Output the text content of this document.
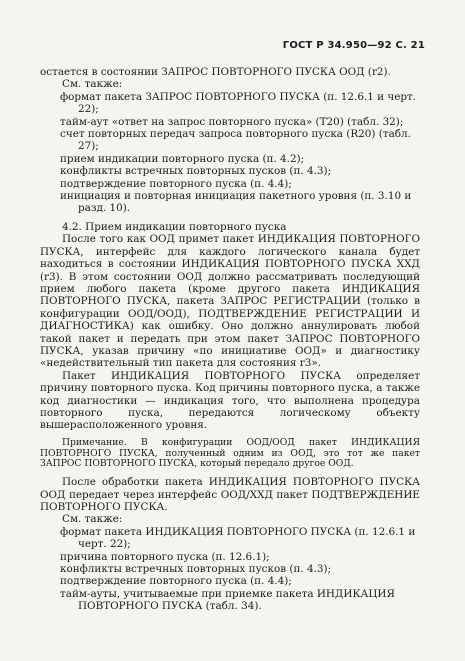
ГОСТ Р 34.950—92 С. 21

остается в состоянии ЗАПРОС ПОВТОРНОГО ПУСКА ООД (r2).

См. также:

формат пакета ЗАПРОС ПОВТОРНОГО ПУСКА (п. 12.6.1 и черт. 22);

тайм-аут «ответ на запрос повторного пуска» (T20) (табл. 32);

счет повторных передач запроса повторного пуска (R20) (табл. 27);

прием индикации повторного пуска (п. 4.2);

конфликты встречных повторных пусков (п. 4.3);

подтверждение повторного пуска (п. 4.4);

инициация и повторная инициация пакетного уровня (п. 3.10 и разд. 10).

4.2. Прием индикации повторного пуска

После того как ООД примет пакет ИНДИКАЦИЯ ПОВТОРНОГО ПУСКА, интерфейс для каждого логического канала будет находиться в состоянии ИНДИКАЦИЯ ПОВТОРНОГО ПУСКА ХХД (r3). В этом состоянии ООД должно рассматривать последующий прием любого пакета (кроме другого пакета ИНДИКАЦИЯ ПОВТОРНОГО ПУСКА, пакета ЗАПРОС РЕГИСТРАЦИИ (только в конфигурации ООД/ООД), ПОДТВЕРЖДЕНИЕ РЕГИСТРАЦИИ И ДИАГНОСТИКА) как ошибку. Оно должно аннулировать любой такой пакет и передать при этом пакет ЗАПРОС ПОВТОРНОГО ПУСКА, указав причину «по инициативе ООД» и диагностику «недействительный тип пакета для состояния r3».

Пакет ИНДИКАЦИЯ ПОВТОРНОГО ПУСКА определяет причину повторного пуска. Код причины повторного пуска, а также код диагностики — индикация того, что выполнена процедура повторного пуска, передаются логическому объекту вышерасположенного уровня.

Примечание. В конфигурации ООД/ООД пакет ИНДИКАЦИЯ ПОВТОРНОГО ПУСКА, полученный одним из ООД, это тот же пакет ЗАПРОС ПОВТОРНОГО ПУСКА, который передало другое ООД.

После обработки пакета ИНДИКАЦИЯ ПОВТОРНОГО ПУСКА ООД передает через интерфейс ООД/ХХД пакет ПОДТВЕРЖДЕНИЕ ПОВТОРНОГО ПУСКА.

См. также:

формат пакета ИНДИКАЦИЯ ПОВТОРНОГО ПУСКА (п. 12.6.1 и черт. 22);

причина повторного пуска (п. 12.6.1);

конфликты встречных повторных пусков (п. 4.3);

подтверждение повторного пуска (п. 4.4);

тайм-ауты, учитываемые при приемке пакета ИНДИКАЦИЯ ПОВТОРНОГО ПУСКА (табл. 34).
